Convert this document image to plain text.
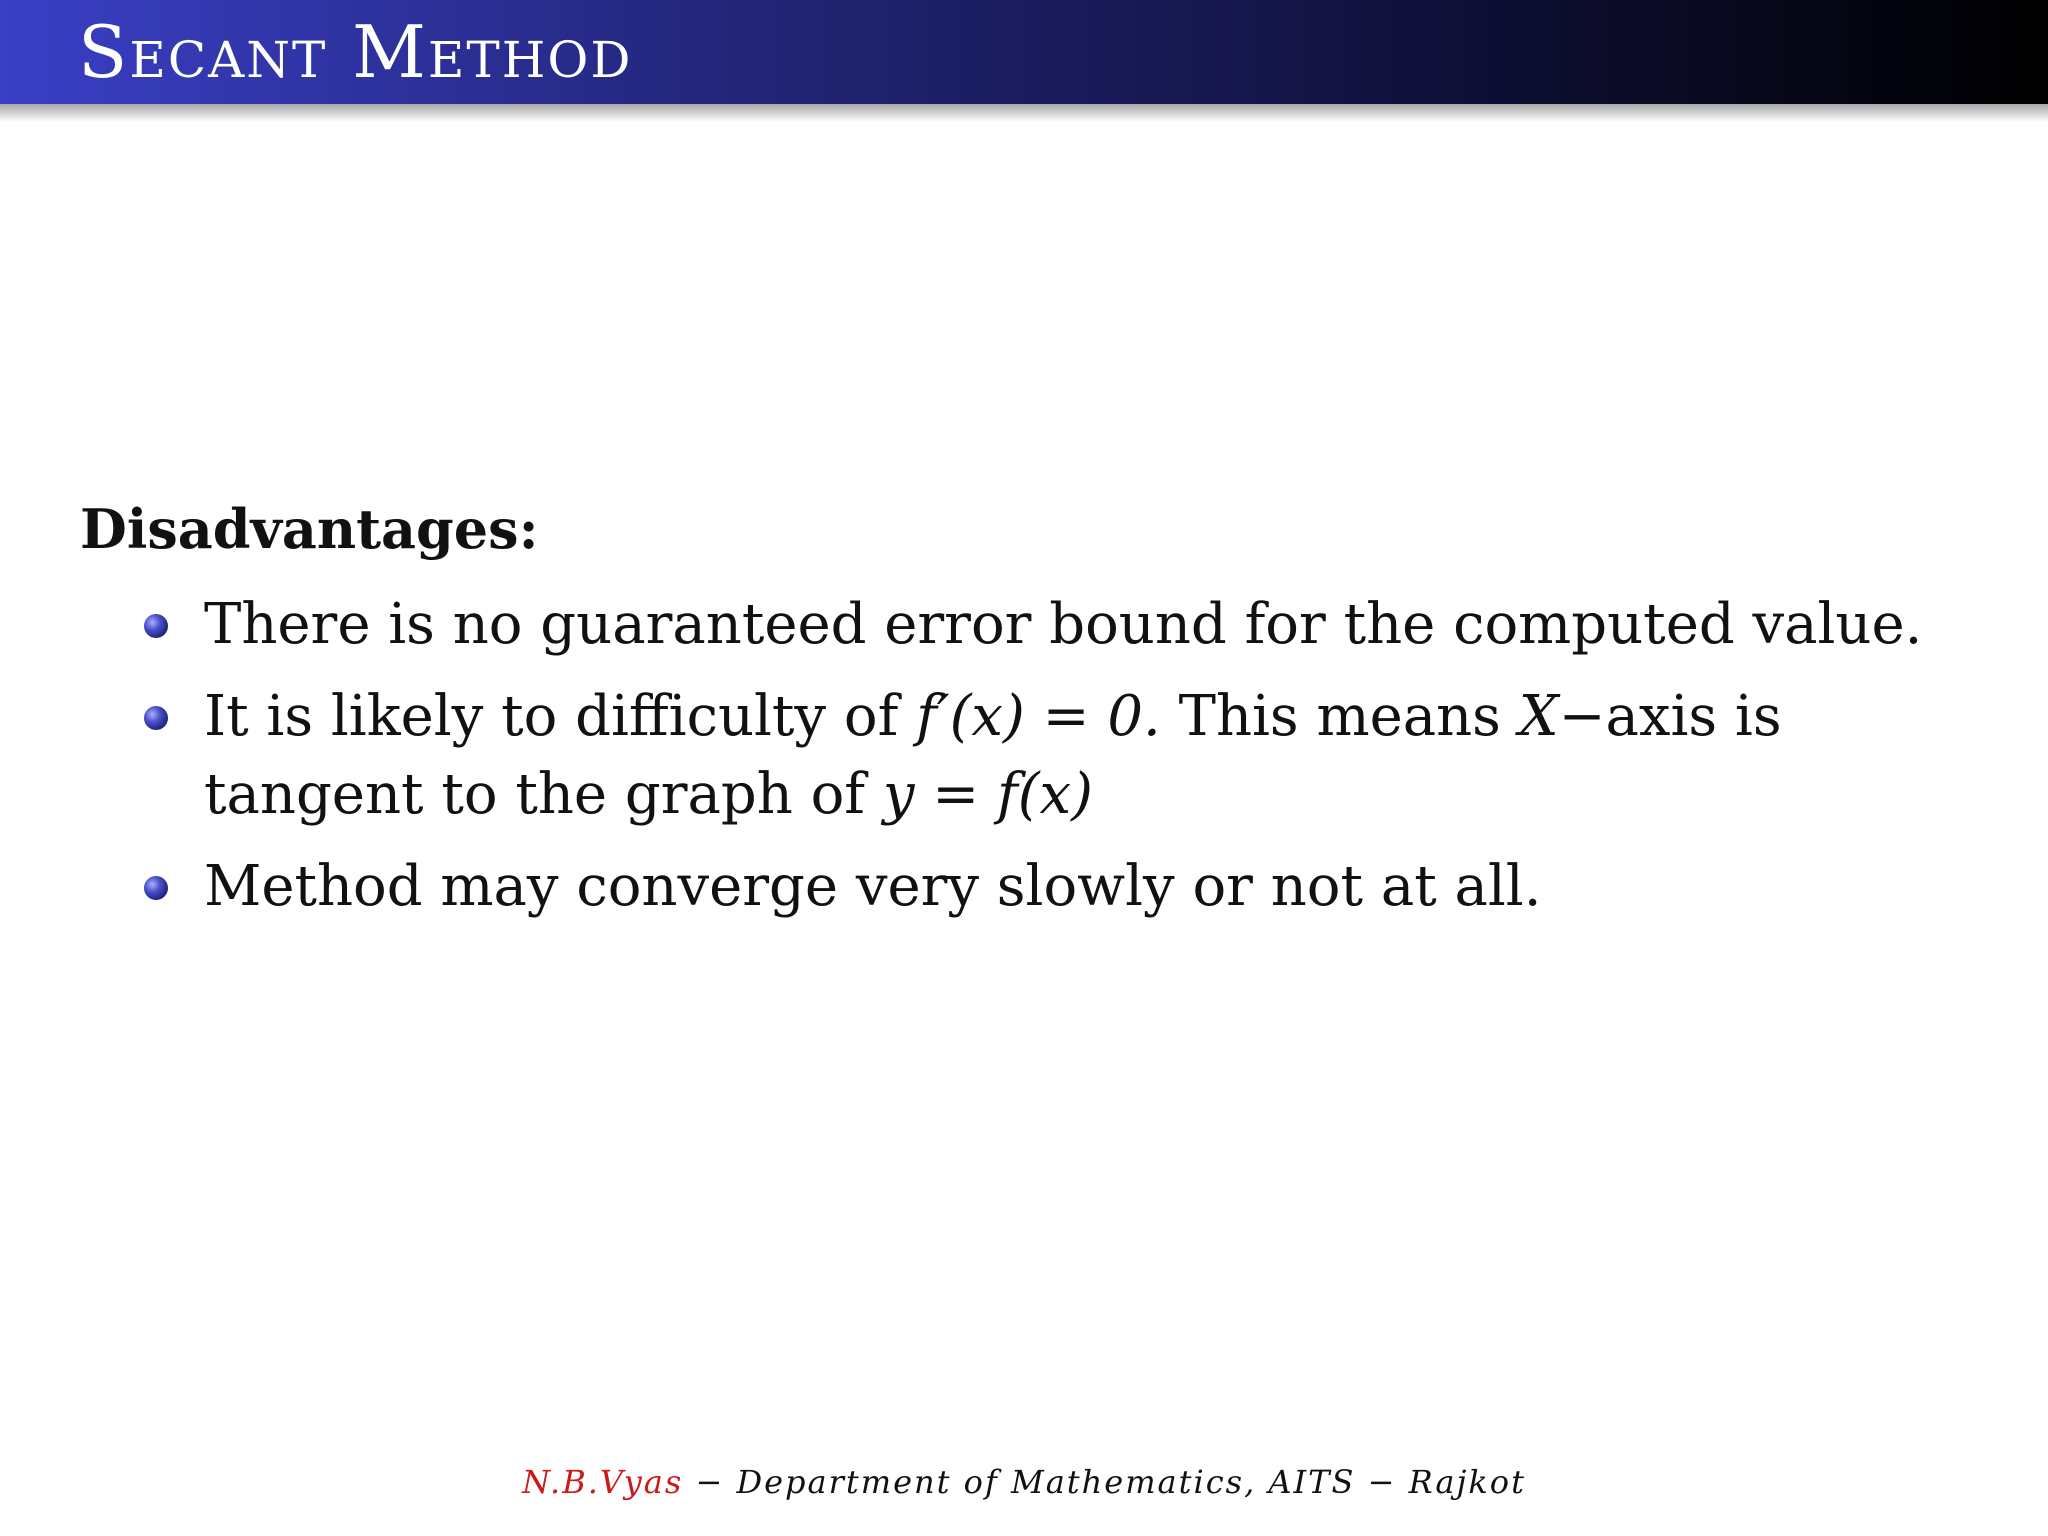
Secant Method
Disadvantages:
There is no guaranteed error bound for the computed value.
It is likely to difficulty of f′(x) = 0. This means X−axis is tangent to the graph of y = f(x)
Method may converge very slowly or not at all.
N.B.Vyas − Department of Mathematics, AITS − Rajkot
